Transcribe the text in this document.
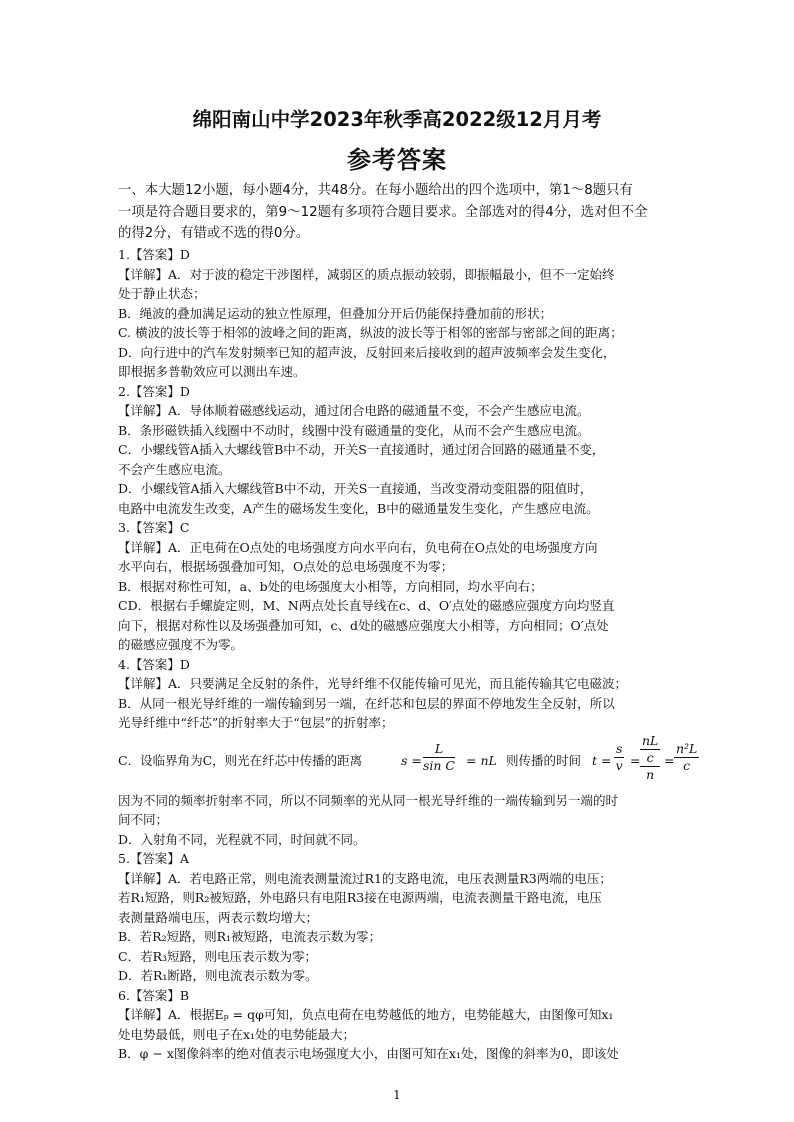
绵阳南山中学2023年秋季高2022级12月月考
参考答案
一、本大题12小题，每小题4分，共48分。在每小题给出的四个选项中，第1～8题只有
一项是符合题目要求的，第9～12题有多项符合题目要求。全部选对的得4分，选对但不全
的得2分，有错或不选的得0分。
1.【答案】D
【详解】A．对于波的稳定干涉图样，减弱区的质点振动较弱，即振幅最小，但不一定始终
处于静止状态；
B．绳波的叠加满足运动的独立性原理，但叠加分开后仍能保持叠加前的形状；
C. 横波的波长等于相邻的波峰之间的距离，纵波的波长等于相邻的密部与密部之间的距离；
D．向行进中的汽车发射频率已知的超声波，反射回来后接收到的超声波频率会发生变化，
即根据多普勒效应可以测出车速。
2.【答案】D
【详解】A．导体顺着磁感线运动，通过闭合电路的磁通量不变，不会产生感应电流。
B．条形磁铁插入线圈中不动时，线圈中没有磁通量的变化，从而不会产生感应电流。
C．小螺线管A插入大螺线管B中不动，开关S一直接通时，通过闭合回路的磁通量不变，
不会产生感应电流。
D．小螺线管A插入大螺线管B中不动，开关S一直接通，当改变滑动变阻器的阻值时，
电路中电流发生改变，A产生的磁场发生变化，B中的磁通量发生变化，产生感应电流。
3.【答案】C
【详解】A．正电荷在O点处的电场强度方向水平向右，负电荷在O点处的电场强度方向
水平向右，根据场强叠加可知，O点处的总电场强度不为零；
B．根据对称性可知，a、b处的电场强度大小相等，方向相同，均水平向右；
CD．根据右手螺旋定则，M、N两点处长直导线在c、d、O′点处的磁感应强度方向均竖直
向下，根据对称性以及场强叠加可知，c、d处的磁感应强度大小相等，方向相同；O′点处
的磁感应强度不为零。
4.【答案】D
【详解】A．只要满足全反射的条件，光导纤维不仅能传输可见光，而且能传输其它电磁波；
B．从同一根光导纤维的一端传输到另一端，在纤芯和包层的界面不停地发生全反射，所以
光导纤维中“纤芯”的折射率大于“包层”的折射率；
C．设临界角为C，则光在纤芯中传播的距离	$s = \frac{L}{\text{sin C}}$ = nL 则传播的时间 $t = \frac{s}{v}$ =
nL
c
n
= $\frac{\text{n²L}}{c}$
因为不同的频率折射率不同，所以不同频率的光从同一根光导纤维的一端传输到另一端的时
间不同；
D．入射角不同，光程就不同，时间就不同。
5.【答案】A
【详解】A．若电路正常，则电流表测量流过R1的支路电流，电压表测量R3两端的电压；
若R₁短路，则R₂被短路，外电路只有电阻R3接在电源两端，电流表测量干路电流，电压
表测量路端电压，两表示数均增大；
B．若R₂短路，则R₁被短路，电流表示数为零；
C．若R₃短路，则电压表示数为零；
D．若R₁断路，则电流表示数为零。
6.【答案】B
【详解】A．根据Eₚ = qφ可知，负点电荷在电势越低的地方，电势能越大，由图像可知x₁
处电势最低，则电子在x₁处的电势能最大；
B．φ − x图像斜率的绝对值表示电场强度大小，由图可知在x₁处，图像的斜率为0，即该处
1
